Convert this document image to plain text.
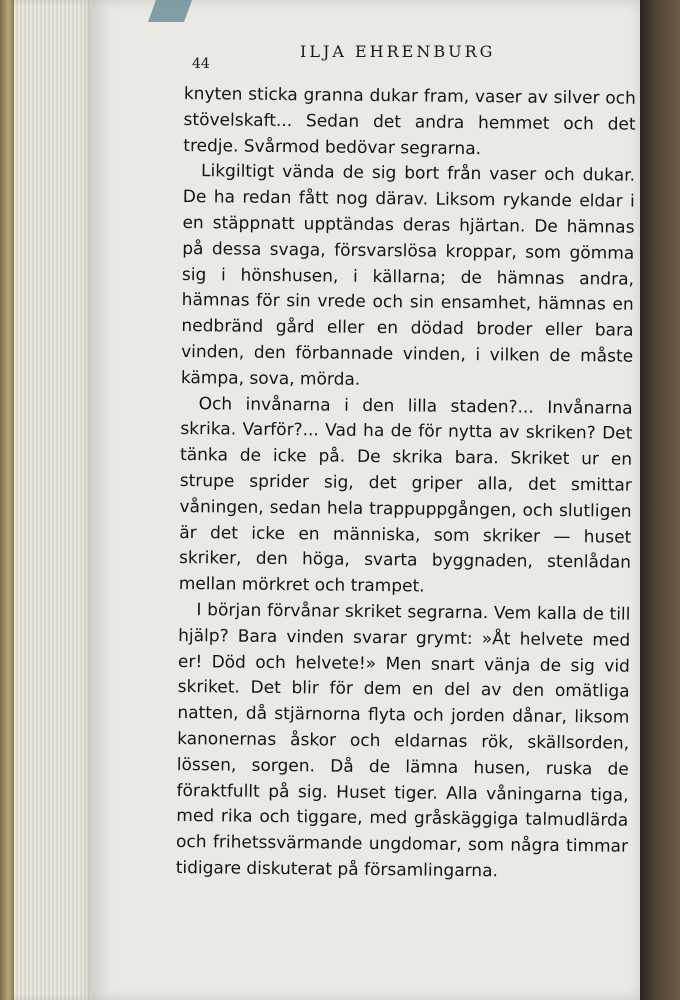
44
ILJA EHRENBURG

knyten sticka granna dukar fram, vaser av silver och stövelskaft... Sedan det andra hemmet och det tredje. Svårmod bedövar segrarna.

Likgiltigt vända de sig bort från vaser och dukar. De ha redan fått nog därav. Liksom rykande eldar i en stäppnatt upptändas deras hjärtan. De hämnas på dessa svaga, försvarslösa kroppar, som gömma sig i hönshusen, i källarna; de hämnas andra, hämnas för sin vrede och sin ensamhet, hämnas en nedbränd gård eller en dödad broder eller bara vinden, den förbannade vinden, i vilken de måste kämpa, sova, mörda.

Och invånarna i den lilla staden?... Invånarna skrika. Varför?... Vad ha de för nytta av skriken? Det tänka de icke på. De skrika bara. Skriket ur en strupe sprider sig, det griper alla, det smittar våningen, sedan hela trappuppgången, och slutligen är det icke en människa, som skriker — huset skriker, den höga, svarta byggnaden, stenlådan mellan mörkret och trampet.

I början förvånar skriket segrarna. Vem kalla de till hjälp? Bara vinden svarar grymt: »Åt helvete med er! Död och helvete!» Men snart vänja de sig vid skriket. Det blir för dem en del av den omätliga natten, då stjärnorna flyta och jorden dånar, liksom kanonernas åskor och eldarnas rök, skällsorden, lössen, sorgen. Då de lämna husen, ruska de föraktfullt på sig. Huset tiger. Alla våningarna tiga, med rika och tiggare, med gråskäggiga talmudlärda och frihetssvärmande ungdomar, som några timmar tidigare diskuterat på församlingarna.
